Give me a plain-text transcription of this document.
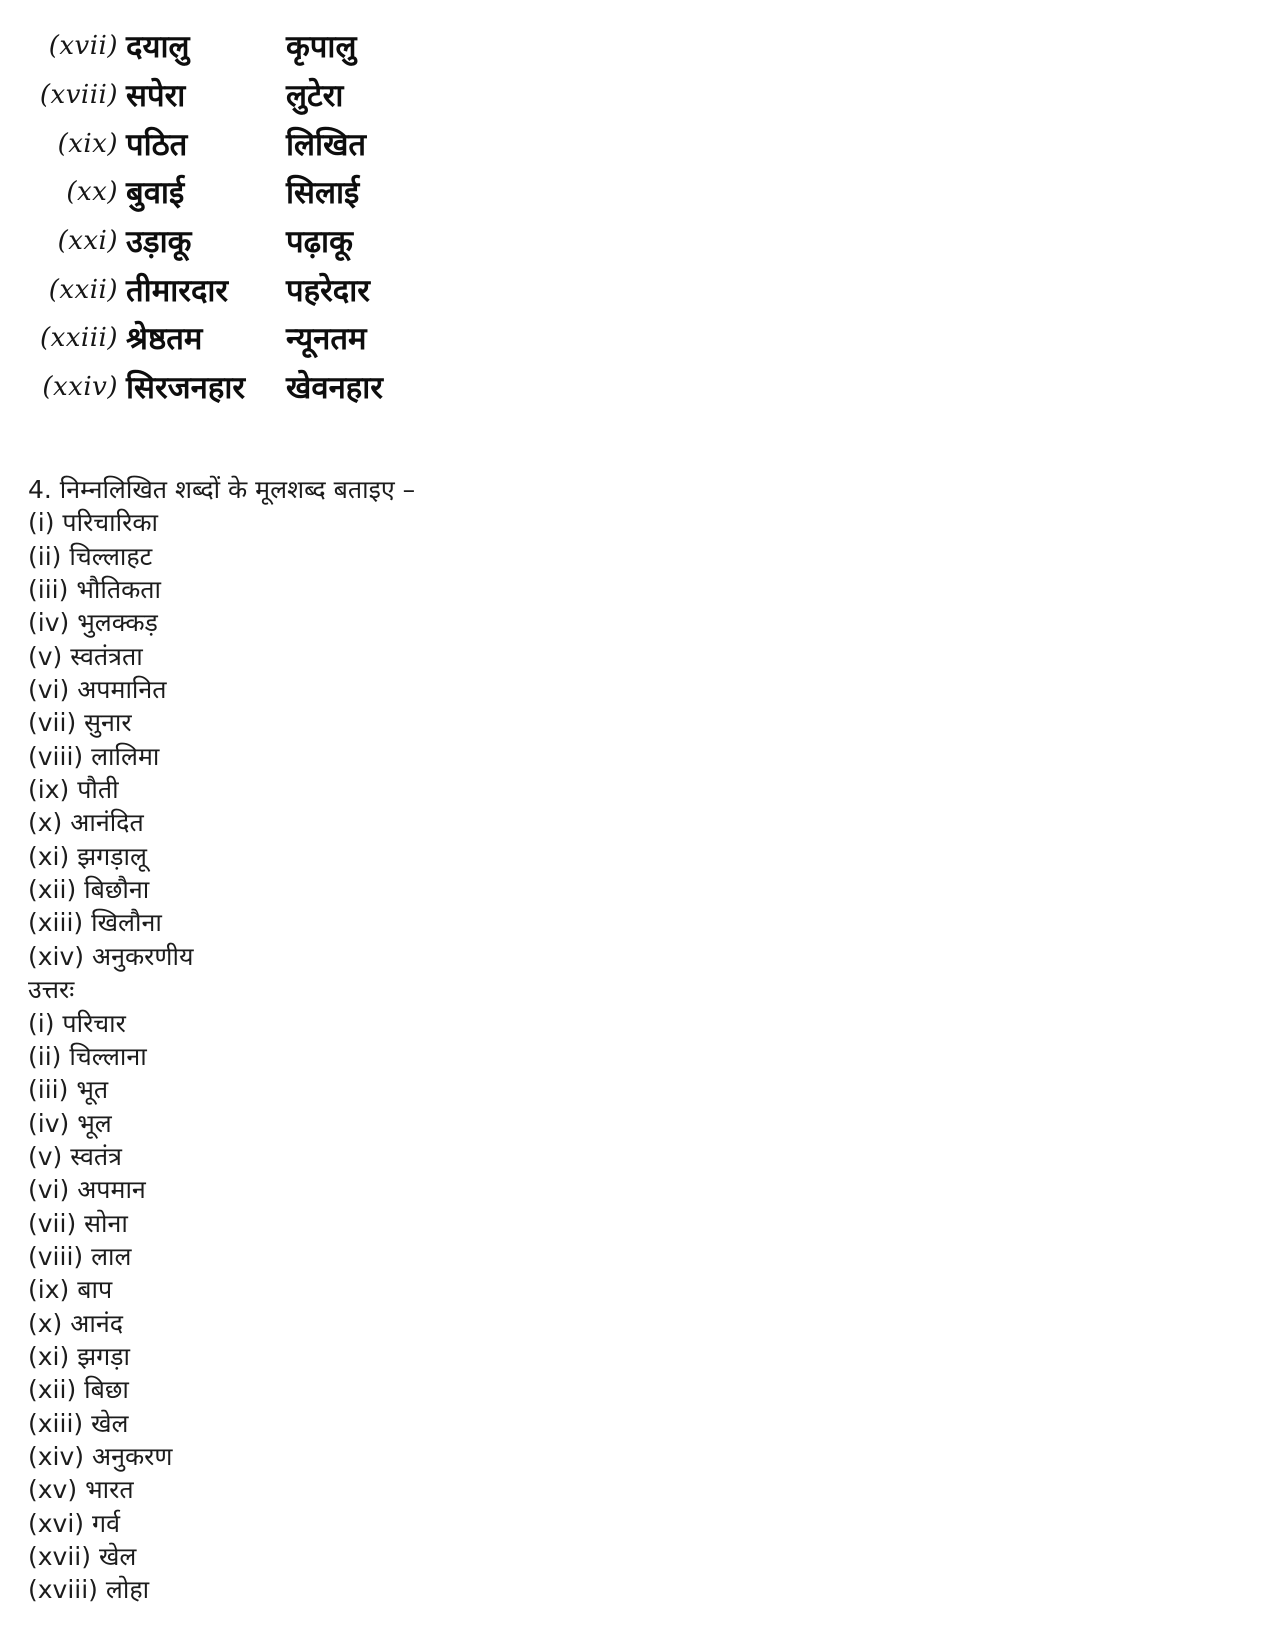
(xvii) दयालु	कृपालु
(xviii) सपेरा	लुटेरा
(xix) पठित	लिखित
(xx) बुवाई	सिलाई
(xxi) उड़ाकू	पढ़ाकू
(xxii) तीमारदार	पहरेदार
(xxiii) श्रेष्ठतम	न्यूनतम
(xxiv) सिरजनहार	खेवनहार

4. निम्नलिखित शब्दों के मूलशब्द बताइए –

(i) परिचारिका

(ii) चिल्लाहट

(iii) भौतिकता

(iv) भुलक्कड़

(v) स्वतंत्रता

(vi) अपमानित

(vii) सुनार

(viii) लालिमा

(ix) पौती

(x) आनंदित

(xi) झगड़ालू

(xii) बिछौना

(xiii) खिलौना

(xiv) अनुकरणीय

उत्तरः

(i) परिचार

(ii) चिल्लाना

(iii) भूत

(iv) भूल

(v) स्वतंत्र

(vi) अपमान

(vii) सोना

(viii) लाल

(ix) बाप

(x) आनंद

(xi) झगड़ा

(xii) बिछा

(xiii) खेल

(xiv) अनुकरण

(xv) भारत

(xvi) गर्व

(xvii) खेल

(xviii) लोहा
